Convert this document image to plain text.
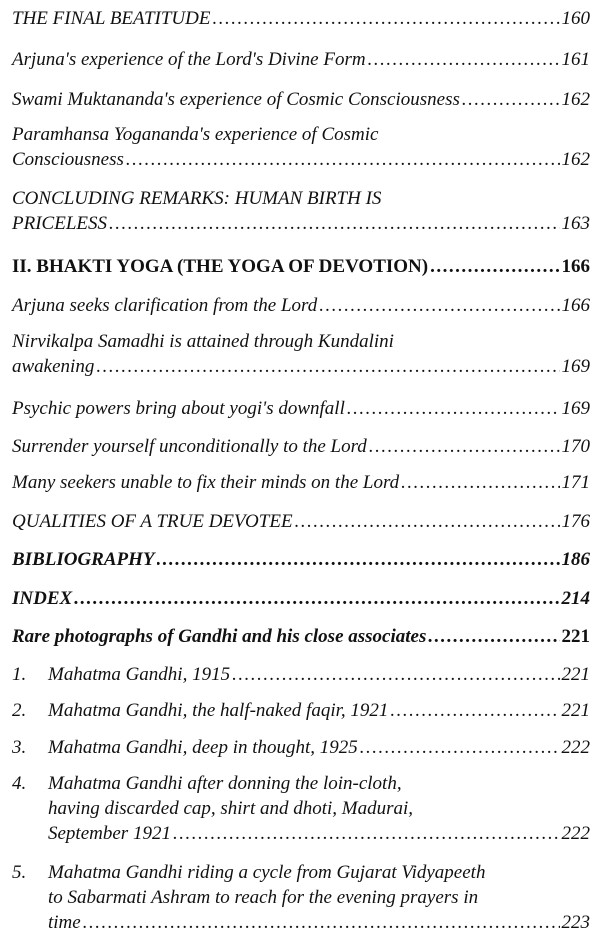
THE FINAL BEATITUDE .....	160
Arjuna's experience of the Lord's Divine Form .....	161
Swami Muktananda's experience of Cosmic Consciousness .....	162
Paramhansa Yogananda's experience of Cosmic
Consciousness .....	162
CONCLUDING REMARKS: HUMAN BIRTH IS
PRICELESS .....	163
II. BHAKTI YOGA (THE YOGA OF DEVOTION) .....	166
Arjuna seeks clarification from the Lord .....	166
Nirvikalpa Samadhi is attained through Kundalini
awakening .....	169
Psychic powers bring about yogi's downfall .....	169
Surrender yourself unconditionally to the Lord .....	170
Many seekers unable to fix their minds on the Lord .....	171
QUALITIES OF A TRUE DEVOTEE .....	176
BIBLIOGRAPHY .....	186
INDEX .....	214
Rare photographs of Gandhi and his close associates .....	221
1.	Mahatma Gandhi, 1915 .....	221
2.	Mahatma Gandhi, the half-naked faqir, 1921 .....	221
3.	Mahatma Gandhi, deep in thought, 1925 .....	222
4.	Mahatma Gandhi after donning the loin-cloth,
having discarded cap, shirt and dhoti, Madurai,
September 1921 .....	222
5.	Mahatma Gandhi riding a cycle from Gujarat Vidyapeeth
to Sabarmati Ashram to reach for the evening prayers in
time .....	223
